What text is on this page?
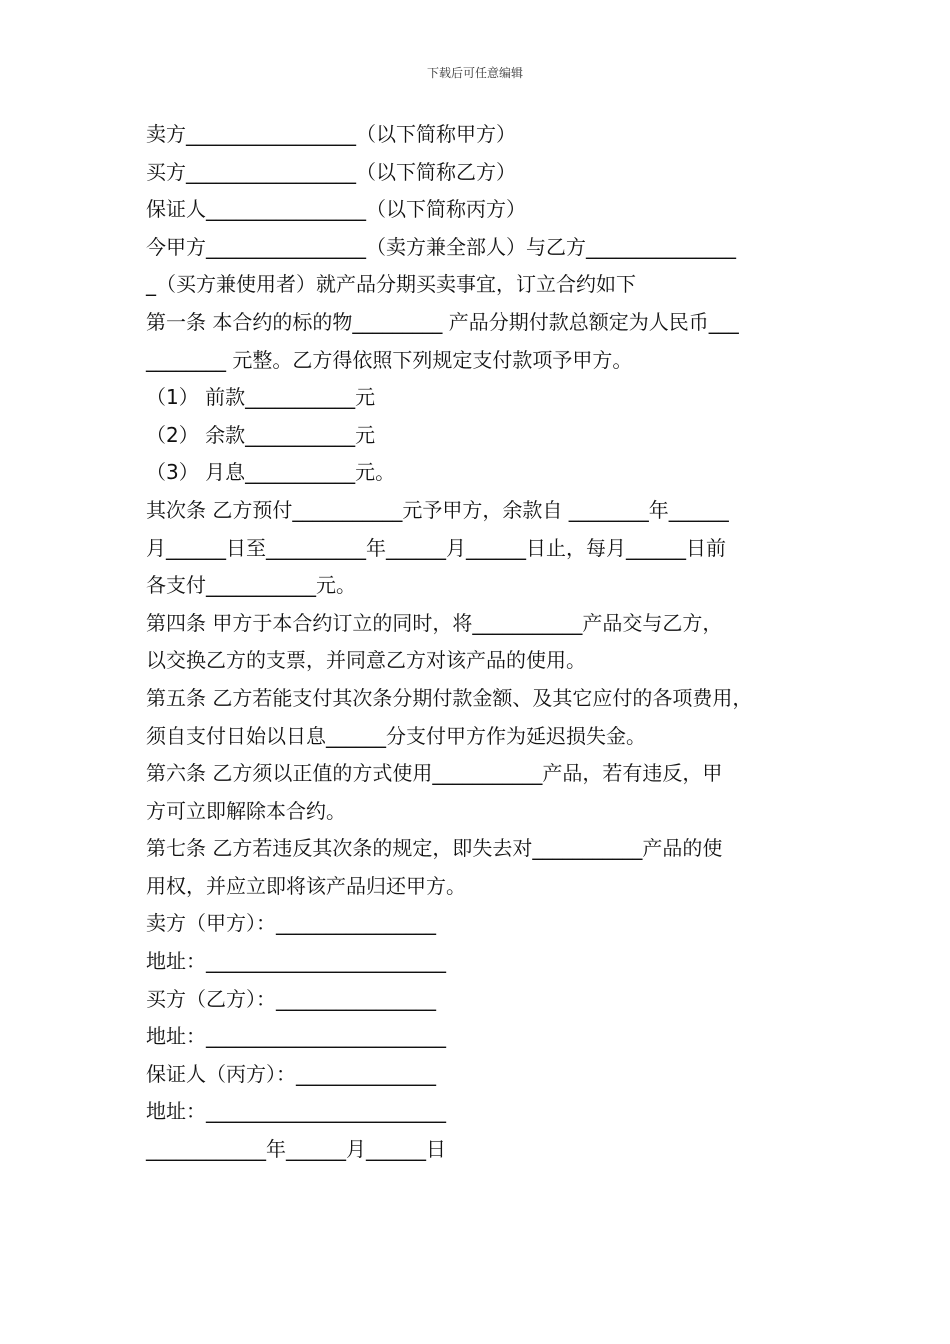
下载后可任意编辑
卖方_________________（以下简称甲方）
买方_________________（以下简称乙方）
保证人________________（以下简称丙方）
今甲方________________（卖方兼全部人）与乙方_______________
_（买方兼使用者）就产品分期买卖事宜，订立合约如下
第一条 本合约的标的物_________ 产品分期付款总额定为人民币___
________ 元整。乙方得依照下列规定支付款项予甲方。
（1） 前款___________元
（2） 余款___________元
（3） 月息___________元。
其次条 乙方预付___________元予甲方，余款自 ________年______
月______日至__________年______月______日止，每月______日前
各支付___________元。
第四条 甲方于本合约订立的同时，将___________产品交与乙方，
以交换乙方的支票，并同意乙方对该产品的使用。
第五条 乙方若能支付其次条分期付款金额、及其它应付的各项费用，
须自支付日始以日息______分支付甲方作为延迟损失金。
第六条 乙方须以正值的方式使用___________产品，若有违反，甲
方可立即解除本合约。
第七条 乙方若违反其次条的规定，即失去对___________产品的使
用权，并应立即将该产品归还甲方。
卖方（甲方）：________________
地址：________________________
买方（乙方）：________________
地址：________________________
保证人（丙方）：______________
地址：________________________
____________年______月______日
